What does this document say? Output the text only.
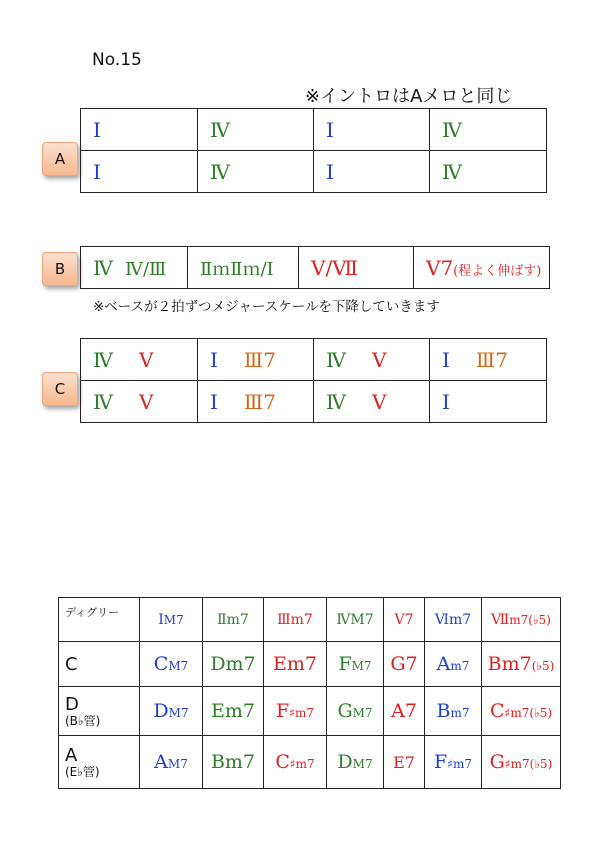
No.15
※イントロはAメロと同じ
A
Ⅰ	Ⅳ	Ⅰ	Ⅳ
Ⅰ	Ⅳ	Ⅰ	Ⅳ
B	Ⅳ Ⅳ/Ⅲ	ⅡｍⅡｍ/Ⅰ	Ⅴ/Ⅶ	Ⅴ7(程よく伸ばす)
※ベースが２拍ずつメジャースケールを下降していきます
C
Ⅳ Ⅴ	Ⅰ Ⅲ7	Ⅳ Ⅴ	Ⅰ Ⅲ7
Ⅳ Ⅴ	Ⅰ Ⅲ7	Ⅳ Ⅴ	Ⅰ
ディグリー	ⅠM7	Ⅱm7	Ⅲm7	ⅣM7	Ⅴ7	Ⅵm7	Ⅶm7(♭5)
C	CM7	Dm7	Em7	FM7	G7	Am7	Bm7(♭5)
D
(B♭管)	DM7	Em7	F♯m7	GM7	A7	Bm7	C♯m7(♭5)
A
(E♭管)	AM7	Bm7	C♯m7	DM7	E7	F♯m7	G♯m7(♭5)
